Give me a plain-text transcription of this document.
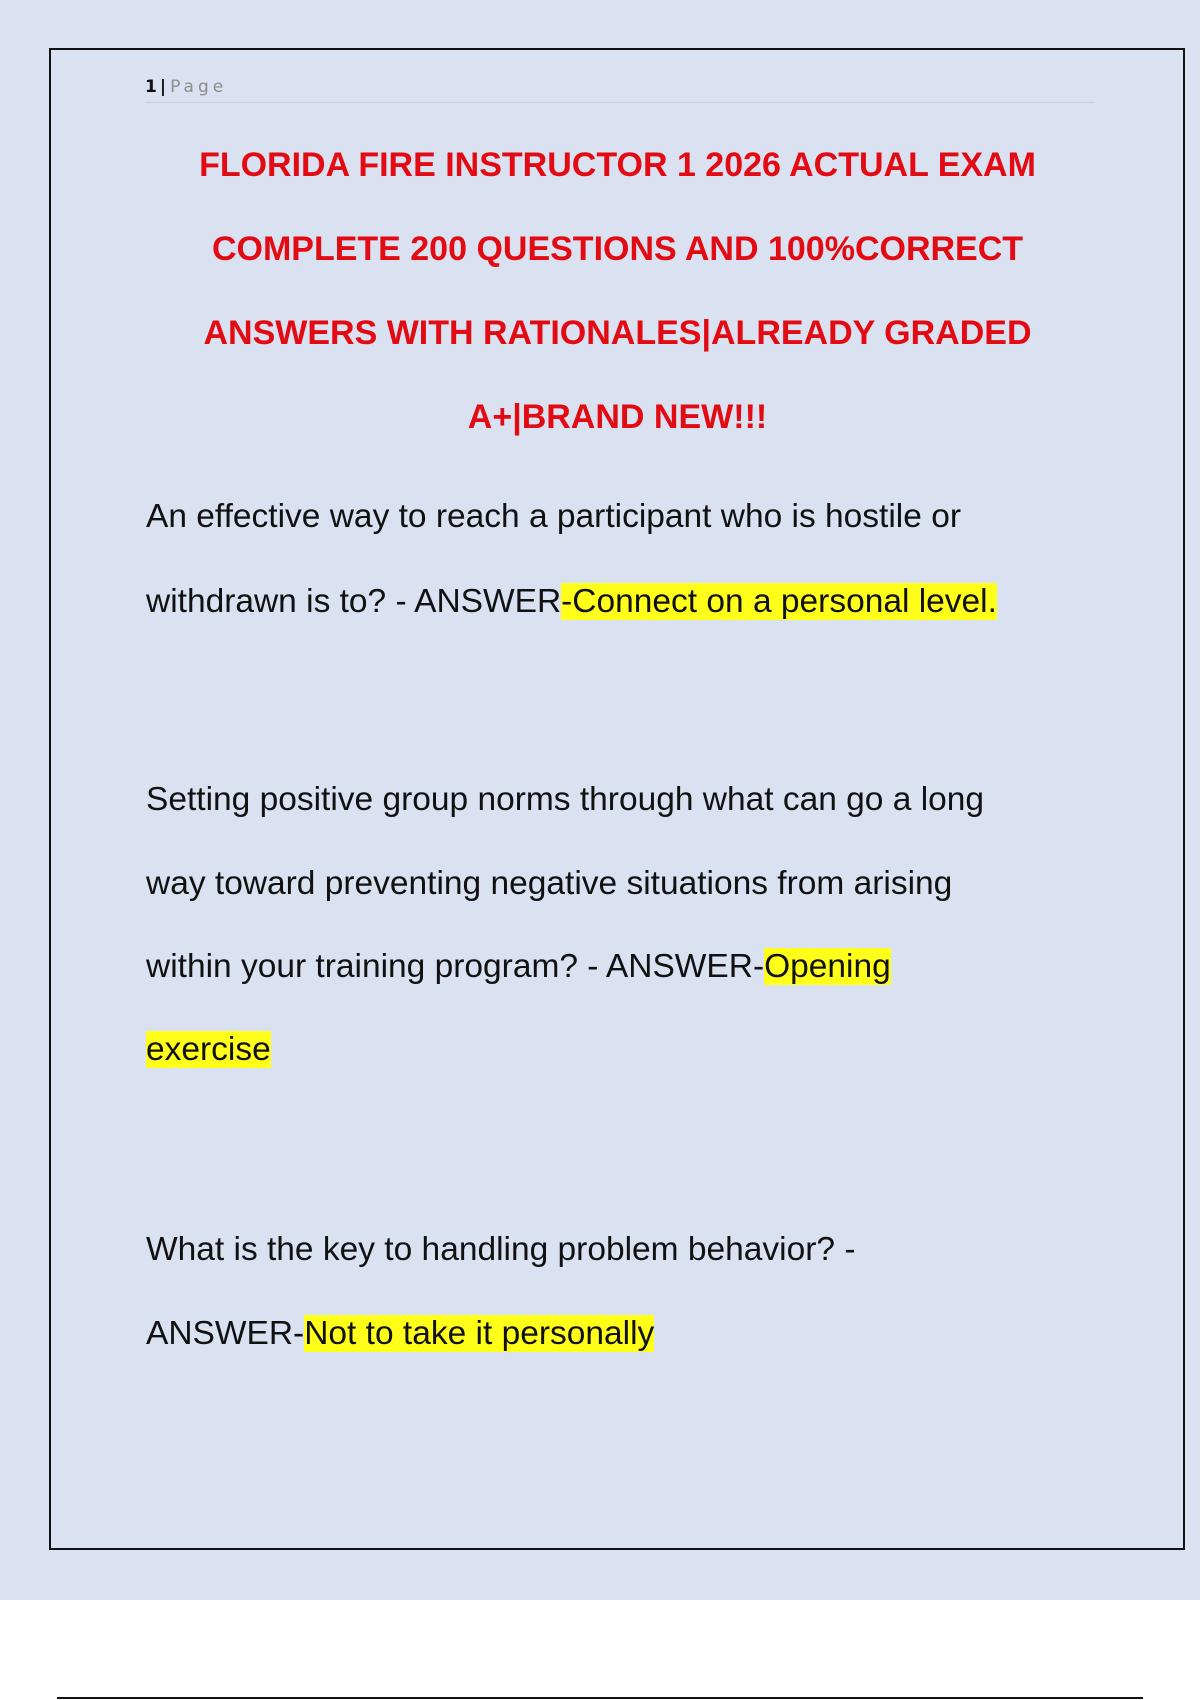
1 | Page
FLORIDA FIRE INSTRUCTOR 1 2026 ACTUAL EXAM
COMPLETE 200 QUESTIONS AND 100%CORRECT
ANSWERS WITH RATIONALES|ALREADY GRADED
A+|BRAND NEW!!!
An effective way to reach a participant who is hostile or
withdrawn is to? - ANSWER-Connect on a personal level.
Setting positive group norms through what can go a long
way toward preventing negative situations from arising
within your training program? - ANSWER-Opening
exercise
What is the key to handling problem behavior? -
ANSWER-Not to take it personally
